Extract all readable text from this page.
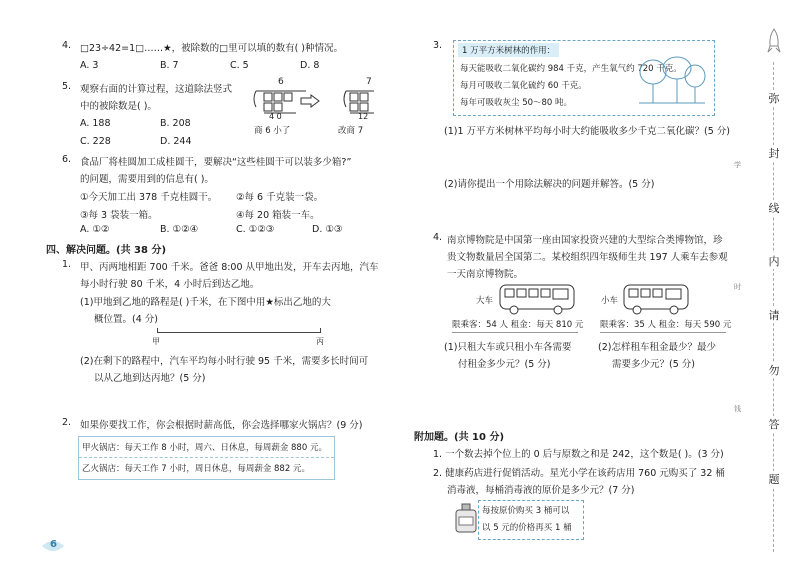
4. □23÷42=1□……★，被除数的□里可以填的数有( )种情况。
A. 3	B. 7	C. 5	D. 8
5. 观察右面的计算过程，这道除法竖式
中的被除数是( )。
A. 188	B. 208
C. 228	D. 244
6	7
4 0	12
商 6 小了	改商 7
6. 食品厂将桂圆加工成桂圆干，要解决“这些桂圆干可以装多少箱?”
的问题，需要用到的信息有( )。
①今天加工出 378 千克桂圆干。 ②每 6 千克装一袋。
③每 3 袋装一箱。	④每 20 箱装一车。
A. ①②	B. ①②④	C. ①②③	D. ①③
四、解决问题。(共 38 分)
1. 甲、丙两地相距 700 千米。爸爸 8:00 从甲地出发，开车去丙地，汽车
每小时行驶 80 千米，4 小时后到达乙地。
(1)甲地到乙地的路程是( )千米，在下图中用★标出乙地的大
概位置。(4 分)
甲	丙
(2)在剩下的路程中，汽车平均每小时行驶 95 千米，需要多长时间可
以从乙地到达丙地？(5 分)
2. 如果你要找工作，你会根据时薪高低，你会选择哪家火锅店？(9 分)
甲火锅店：每天工作 8 小时，周六、日休息，每周薪金 880 元。
乙火锅店：每天工作 7 小时，周日休息，每周薪金 882 元。
6
3.	1 万平方米树林的作用：
每天能吸收二氧化碳约 984 千克，产生氧气约 720 千克。
每月可吸收二氧化硫约 60 千克。
每年可吸收灰尘 50～80 吨。
(1)1 万平方米树林平均每小时大约能吸收多少千克二氧化碳？(5 分)
(2)请你提出一个用除法解决的问题并解答。(5 分)
4. 南京博物院是中国第一座由国家投资兴建的大型综合类博物馆，珍
贵文物数量居全国第二。某校组织四年级师生共 197 人乘车去参观
一天南京博物院。
大车	小车
限乘客：54 人 租金：每天 810 元 限乘客：35 人 租金：每天 590 元
(1)只租大车或只租小车各需要
付租金多少元？(5 分)
(2)怎样租车租金最少？最少
需要多少元？(5 分)
附加题。(共 10 分)
1. 一个数去掉个位上的 0 后与原数之和是 242，这个数是( )。(3 分)
2. 健康药店进行促销活动。星光小学在该药店用 760 元购买了 32 桶
消毒液，每桶消毒液的原价是多少元？(7 分)
每按原价购买 3 桶可以
以 5 元的价格再买 1 桶
弥
封
线
内
请
勿
答
题
学
时
钱
